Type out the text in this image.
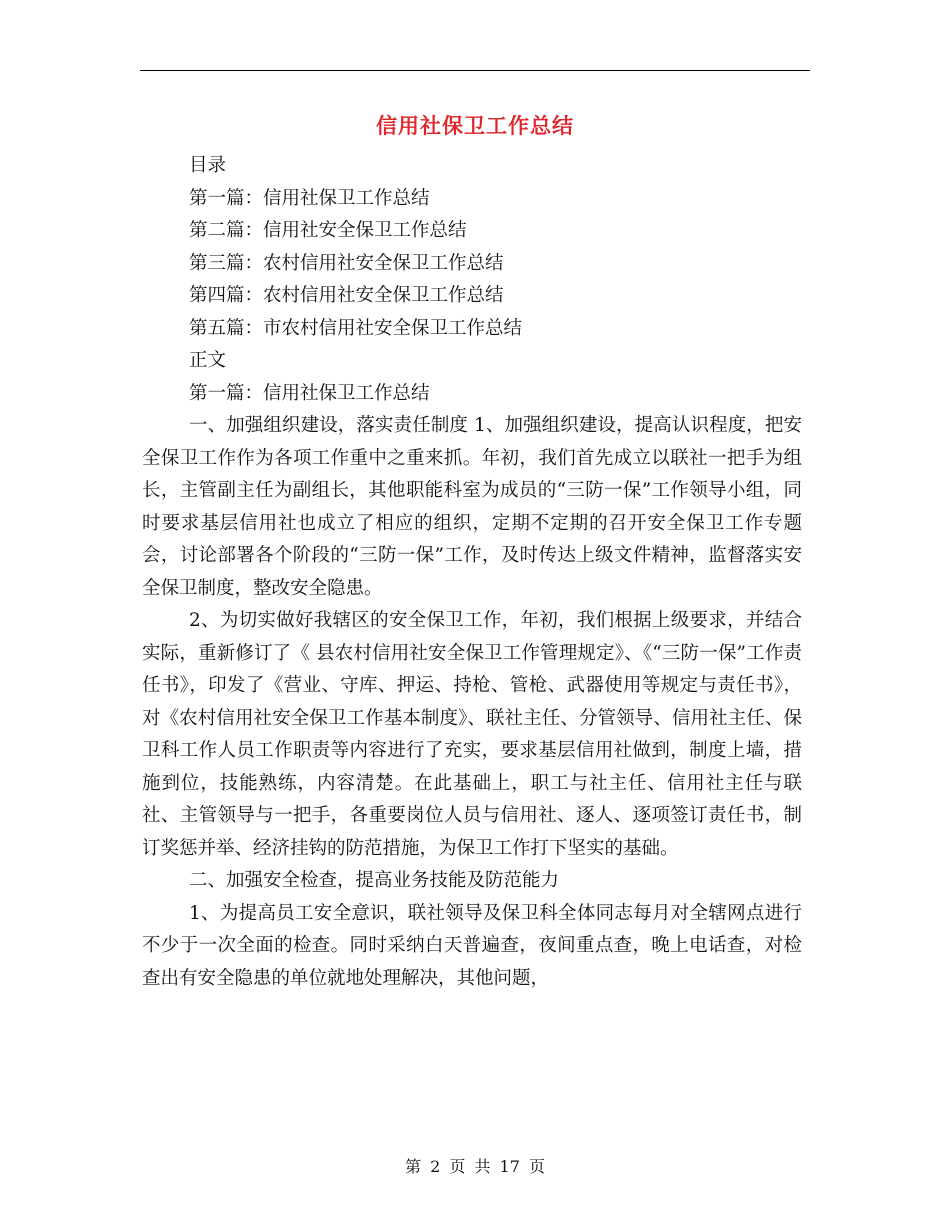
信用社保卫工作总结

目录

第一篇：信用社保卫工作总结

第二篇：信用社安全保卫工作总结

第三篇：农村信用社安全保卫工作总结

第四篇：农村信用社安全保卫工作总结

第五篇：市农村信用社安全保卫工作总结

正文

第一篇：信用社保卫工作总结

一、加强组织建设，落实责任制度 1、加强组织建设，提高认识程度，把安全保卫工作作为各项工作重中之重来抓。年初，我们首先成立以联社一把手为组长，主管副主任为副组长，其他职能科室为成员的“三防一保”工作领导小组，同时要求基层信用社也成立了相应的组织，定期不定期的召开安全保卫工作专题会，讨论部署各个阶段的“三防一保”工作，及时传达上级文件精神，监督落实安全保卫制度，整改安全隐患。

2、为切实做好我辖区的安全保卫工作，年初，我们根据上级要求，并结合 实际，重新修订了《 县农村信用社安全保卫工作管理规定》、《“三防一保”工作责任书》，印发了《营业、守库、押运、持枪、管枪、武器使用等规定与责任书》，对《农村信用社安全保卫工作基本制度》、联社主任、分管领导、信用社主任、保卫科工作人员工作职责等内容进行了充实，要求基层信用社做到，制度上墙，措施到位，技能熟练，内容清楚。在此基础上，职工与社主任、信用社主任与联社、主管领导与一把手，各重要岗位人员与信用社、逐人、逐项签订责任书，制订奖惩并举、经济挂钩的防范措施，为保卫工作打下坚实的基础。

二、加强安全检查，提高业务技能及防范能力

1、为提高员工安全意识，联社领导及保卫科全体同志每月对全辖网点进行不少于一次全面的检查。同时采纳白天普遍查，夜间重点查，晚上电话查，对检查出有安全隐患的单位就地处理解决，其他问题，

第 2 页 共 17 页
